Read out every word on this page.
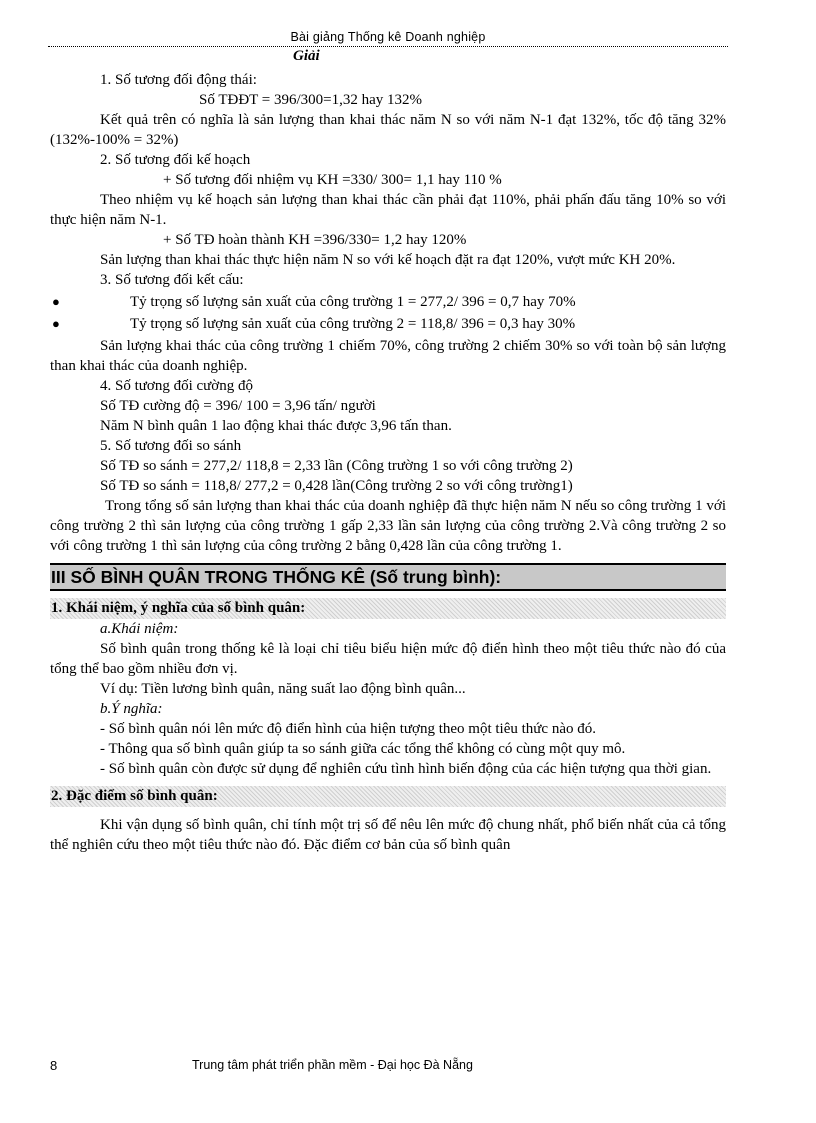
Bài giảng Thống kê Doanh nghiệp
Giải

1. Số tương đối động thái:

Số TĐĐT = 396/300=1,32 hay 132%

Kết quả trên có nghĩa là sản lượng than khai thác năm N so với năm N-1 đạt 132%, tốc độ tăng 32% (132%-100% = 32%)

2. Số tương đối kế hoạch

+ Số tương đối nhiệm vụ KH =330/ 300= 1,1 hay 110 %

Theo nhiệm vụ kế hoạch sản lượng than khai thác cần phải đạt 110%, phải phấn đấu tăng 10% so với thực hiện năm N-1.

+ Số TĐ hoàn thành KH =396/330= 1,2 hay 120%

Sản lượng than khai thác thực hiện năm N so với kế hoạch đặt ra đạt 120%, vượt mức KH 20%.

3. Số tương đối kết cấu:

●	Tỷ trọng số lượng sản xuất của công trường 1 = 277,2/ 396 = 0,7 hay 70%
●	Tỷ trọng số lượng sản xuất của công trường 2 = 118,8/ 396 = 0,3 hay 30%

Sản lượng khai thác của công trường 1 chiếm 70%, công trường 2 chiếm 30% so với toàn bộ sản lượng than khai thác của doanh nghiệp.

4. Số tương đối cường độ

Số TĐ cường độ = 396/ 100 = 3,96 tấn/ người

Năm N bình quân 1 lao động khai thác được 3,96 tấn than.

5. Số tương đối so sánh

Số TĐ so sánh = 277,2/ 118,8 = 2,33 lần (Công trường 1 so với công trường 2)

Số TĐ so sánh = 118,8/ 277,2 = 0,428 lần(Công trường 2 so với công trường1)

Trong tổng số sản lượng than khai thác của doanh nghiệp đã thực hiện năm N nếu so công trường 1 với công trường 2 thì sản lượng của công trường 1 gấp 2,33 lần sản lượng của công trường 2.Và công trường 2 so với công trường 1 thì sản lượng của công trường 2 bằng 0,428 lần của công trường 1.

III SỐ BÌNH QUÂN TRONG THỐNG KÊ (Số trung bình):
1. Khái niệm, ý nghĩa của số bình quân:

a.Khái niệm:

Số bình quân trong thống kê là loại chỉ tiêu biểu hiện mức độ điển hình theo một tiêu thức nào đó của tổng thể bao gồm nhiều đơn vị.

Ví dụ: Tiền lương bình quân, năng suất lao động bình quân...

b.Ý nghĩa:

- Số bình quân nói lên mức độ điển hình của hiện tượng theo một tiêu thức nào đó.

- Thông qua số bình quân giúp ta so sánh giữa các tổng thể không có cùng một quy mô.

- Số bình quân còn được sử dụng để nghiên cứu tình hình biến động của các hiện tượng qua thời gian.

2. Đặc điểm số bình quân:

Khi vận dụng số bình quân, chỉ tính một trị số để nêu lên mức độ chung nhất, phổ biến nhất của cả tổng thể nghiên cứu theo một tiêu thức nào đó. Đặc điểm cơ bản của số bình quân

8	Trung tâm phát triển phần mềm - Đại học Đà Nẵng
